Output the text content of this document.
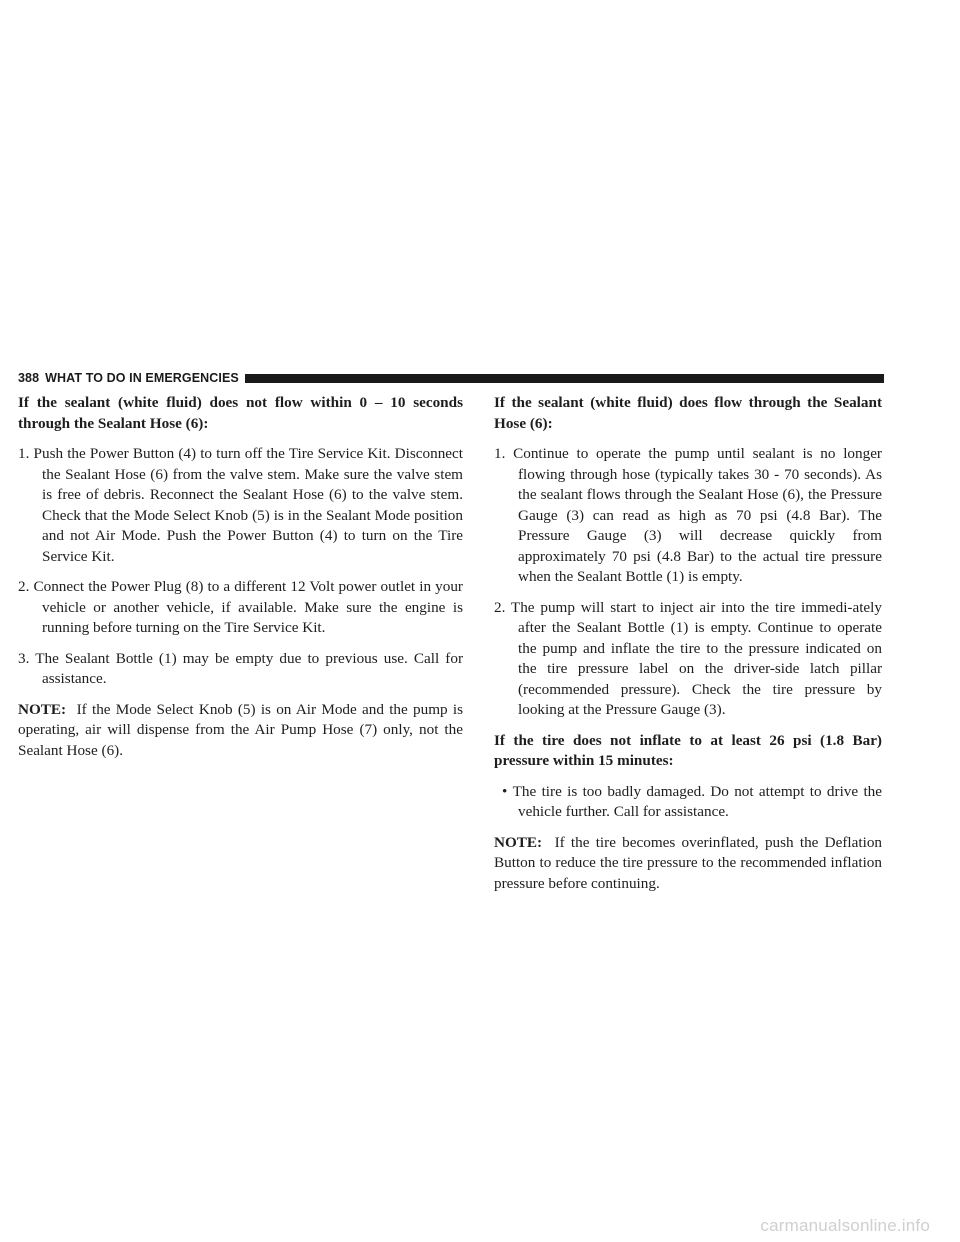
388 WHAT TO DO IN EMERGENCIES

If the sealant (white fluid) does not flow within 0 – 10 seconds through the Sealant Hose (6):

1. Push the Power Button (4) to turn off the Tire Service Kit. Disconnect the Sealant Hose (6) from the valve stem. Make sure the valve stem is free of debris. Reconnect the Sealant Hose (6) to the valve stem. Check that the Mode Select Knob (5) is in the Sealant Mode position and not Air Mode. Push the Power Button (4) to turn on the Tire Service Kit.

2. Connect the Power Plug (8) to a different 12 Volt power outlet in your vehicle or another vehicle, if available. Make sure the engine is running before turning on the Tire Service Kit.

3. The Sealant Bottle (1) may be empty due to previous use. Call for assistance.

NOTE: If the Mode Select Knob (5) is on Air Mode and the pump is operating, air will dispense from the Air Pump Hose (7) only, not the Sealant Hose (6).

If the sealant (white fluid) does flow through the Sealant Hose (6):

1. Continue to operate the pump until sealant is no longer flowing through hose (typically takes 30 - 70 seconds). As the sealant flows through the Sealant Hose (6), the Pressure Gauge (3) can read as high as 70 psi (4.8 Bar). The Pressure Gauge (3) will decrease quickly from approximately 70 psi (4.8 Bar) to the actual tire pressure when the Sealant Bottle (1) is empty.

2. The pump will start to inject air into the tire immedi-ately after the Sealant Bottle (1) is empty. Continue to operate the pump and inflate the tire to the pressure indicated on the tire pressure label on the driver-side latch pillar (recommended pressure). Check the tire pressure by looking at the Pressure Gauge (3).

If the tire does not inflate to at least 26 psi (1.8 Bar) pressure within 15 minutes:

• The tire is too badly damaged. Do not attempt to drive the vehicle further. Call for assistance.

NOTE: If the tire becomes overinflated, push the Deflation Button to reduce the tire pressure to the recommended inflation pressure before continuing.

carmanualsonline.info
